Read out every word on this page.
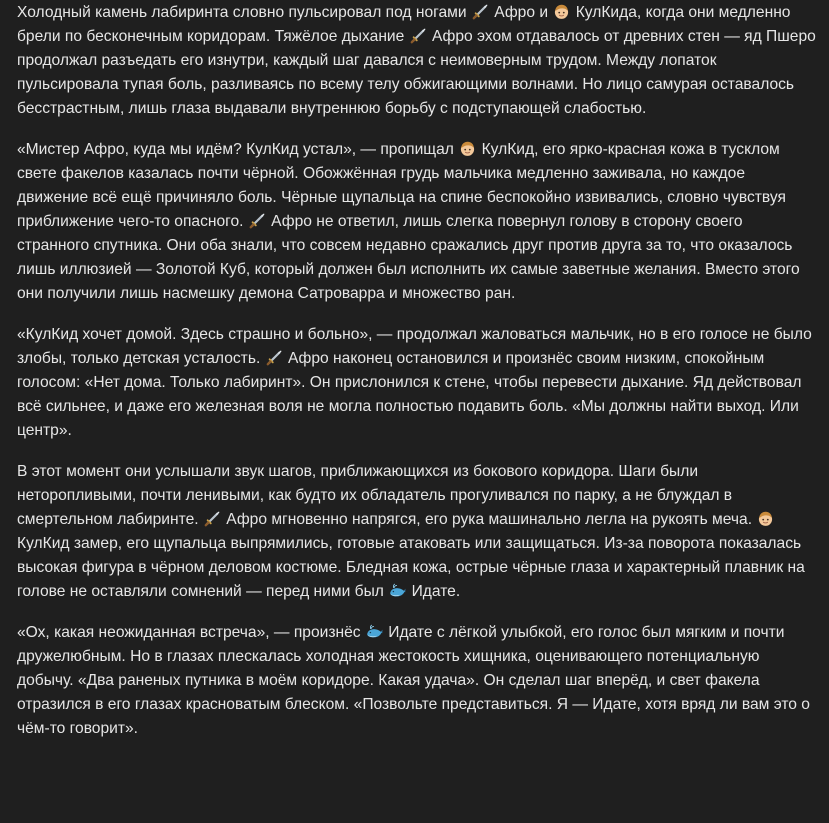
Холодный камень лабиринта словно пульсировал под ногами
Афро и
КулКида, когда они медленно брели по бесконечным коридорам. Тяжёлое дыхание
Афро эхом отдавалось от древних стен — яд Пшеро продолжал разъедать его изнутри, каждый шаг давался с неимоверным трудом. Между лопаток пульсировала тупая боль, разливаясь по всему телу обжигающими волнами. Но лицо самурая оставалось бесстрастным, лишь глаза выдавали внутреннюю борьбу с подступающей слабостью.

«Мистер Афро, куда мы идём? КулКид устал», — пропищал
КулКид, его ярко-красная кожа в тусклом свете факелов казалась почти чёрной. Обожжённая грудь мальчика медленно заживала, но каждое движение всё ещё причиняло боль. Чёрные щупальца на спине беспокойно извивались, словно чувствуя приближение чего-то опасного.
Афро не ответил, лишь слегка повернул голову в сторону своего странного спутника. Они оба знали, что совсем недавно сражались друг против друга за то, что оказалось лишь иллюзией — Золотой Куб, который должен был исполнить их самые заветные желания. Вместо этого они получили лишь насмешку демона Сатроварра и множество ран.

«КулКид хочет домой. Здесь страшно и больно», — продолжал жаловаться мальчик, но в его голосе не было злобы, только детская усталость.
Афро наконец остановился и произнёс своим низким, спокойным голосом: «Нет дома. Только лабиринт». Он прислонился к стене, чтобы перевести дыхание. Яд действовал всё сильнее, и даже его железная воля не могла полностью подавить боль. «Мы должны найти выход. Или центр».

В этот момент они услышали звук шагов, приближающихся из бокового коридора. Шаги были неторопливыми, почти ленивыми, как будто их обладатель прогуливался по парку, а не блуждал в смертельном лабиринте.
Афро мгновенно напрягся, его рука машинально легла на рукоять меча.
КулКид замер, его щупальца выпрямились, готовые атаковать или защищаться. Из-за поворота показалась высокая фигура в чёрном деловом костюме. Бледная кожа, острые чёрные глаза и характерный плавник на голове не оставляли сомнений — перед ними был
Идате.

«Ох, какая неожиданная встреча», — произнёс
Идате с лёгкой улыбкой, его голос был мягким и почти дружелюбным. Но в глазах плескалась холодная жестокость хищника, оценивающего потенциальную добычу. «Два раненых путника в моём коридоре. Какая удача». Он сделал шаг вперёд, и свет факела отразился в его глазах красноватым блеском. «Позвольте представиться. Я — Идате, хотя вряд ли вам это о чём-то говорит».
